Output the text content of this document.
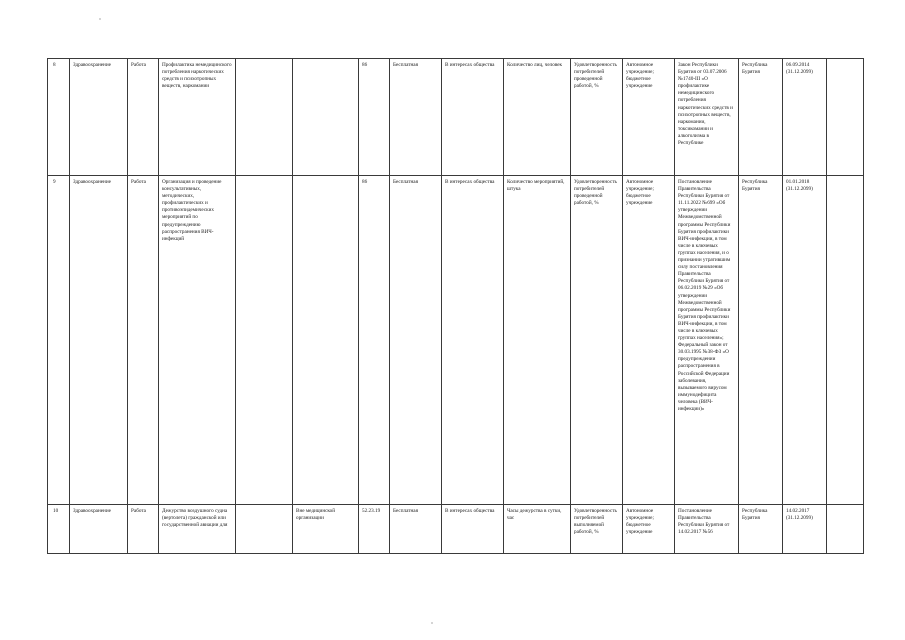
8	Здравоохранение	Работа	Профилактика немедицинского потребления наркотических средств и психотропных веществ, наркомании			86	Бесплатная	В интересах общества	Количество лиц, человек	Удовлетворенность потребителей проведенной работой, %	Автономное учреждение; бюджетное учреждение	Закон Республики Бурятия от 03.07.2006 №1740-III «О профилактике немедицинского потребления наркотических средств и психотропных веществ, наркомании, токсикомании и алкоголизма в Республике	Республика Бурятия	06.09.2014 (31.12.2099)	
9	Здравоохранение	Работа	Организация и проведение консультативных, методических, профилактических и противоэпидемических мероприятий по предупреждению распространения ВИЧ-инфекций			86	Бесплатная	В интересах общества	Количество мероприятий, штука	Удовлетворенность потребителей проведенной работой, %	Автономное учреждение; бюджетное учреждение	Постановление Правительства Республики Бурятия от 11.11.2022 №699 «Об утверждении Межведомственной программы Республики Бурятия профилактики ВИЧ-инфекции, в том числе в ключевых группах населения, и о признании утратившим силу постановления Правительства Республики Бурятия от 06.02.2019 №29 «Об утверждении Межведомственной программы Республики Бурятия профилактики ВИЧ-инфекции, в том числе в ключевых группах населения»; Федеральный закон от 30.03.1995 №38-ФЗ «О предупреждении распространения в Российской Федерации заболевания, вызываемого вирусом иммунодефицита человека (ВИЧ-инфекции)»	Республика Бурятия	01.01.2018 (31.12.2099)	
10	Здравоохранение	Работа	Дежурство воздушного судна (вертолета) гражданской или государственной авиации для		Вне медицинской организации	52.23.19	Бесплатная	В интересах общества	Часы дежурства в сутки, час	Удовлетворенность потребителей выполняемой работой, %	Автономное учреждение; бюджетное учреждение	Постановление Правительства Республики Бурятия от 14.02.2017 №56	Республика Бурятия	14.02.2017 (31.12.2099)	
